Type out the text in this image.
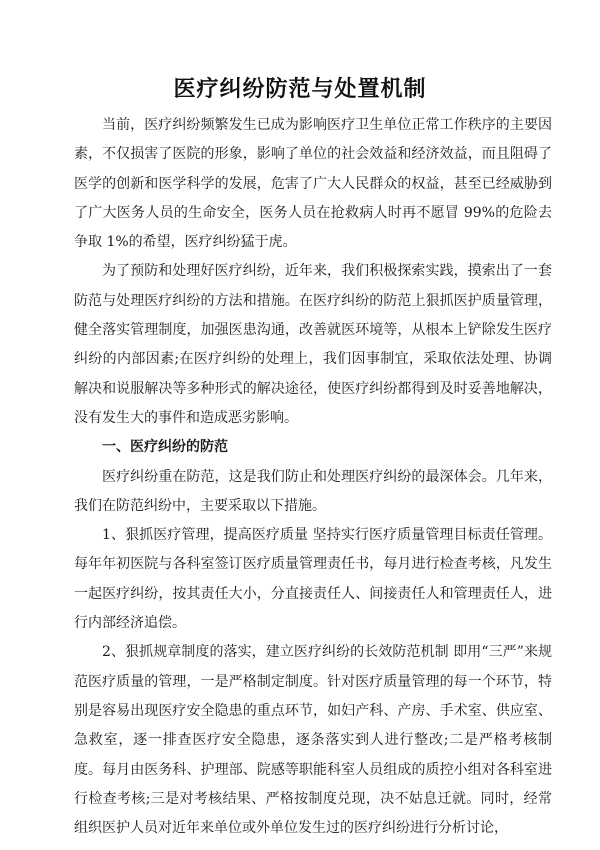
医疗纠纷防范与处置机制

当前，医疗纠纷频繁发生已成为影响医疗卫生单位正常工作秩序的主要因素，不仅损害了医院的形象，影响了单位的社会效益和经济效益，而且阻碍了医学的创新和医学科学的发展，危害了广大人民群众的权益，甚至已经威胁到了广大医务人员的生命安全，医务人员在抢救病人时再不愿冒 99%的危险去争取 1%的希望，医疗纠纷猛于虎。

为了预防和处理好医疗纠纷，近年来，我们积极探索实践，摸索出了一套防范与处理医疗纠纷的方法和措施。在医疗纠纷的防范上狠抓医护质量管理，健全落实管理制度，加强医患沟通，改善就医环境等，从根本上铲除发生医疗纠纷的内部因素;在医疗纠纷的处理上，我们因事制宜，采取依法处理、协调解决和说服解决等多种形式的解决途径，使医疗纠纷都得到及时妥善地解决，没有发生大的事件和造成恶劣影响。

一、医疗纠纷的防范

医疗纠纷重在防范，这是我们防止和处理医疗纠纷的最深体会。几年来，我们在防范纠纷中，主要采取以下措施。

1、狠抓医疗管理，提高医疗质量 坚持实行医疗质量管理目标责任管理。每年年初医院与各科室签订医疗质量管理责任书，每月进行检查考核，凡发生一起医疗纠纷，按其责任大小，分直接责任人、间接责任人和管理责任人，进行内部经济追偿。

2、狠抓规章制度的落实，建立医疗纠纷的长效防范机制 即用“三严”来规范医疗质量的管理，一是严格制定制度。针对医疗质量管理的每一个环节，特别是容易出现医疗安全隐患的重点环节，如妇产科、产房、手术室、供应室、急救室，逐一排查医疗安全隐患，逐条落实到人进行整改;二是严格考核制度。每月由医务科、护理部、院感等职能科室人员组成的质控小组对各科室进行检查考核;三是对考核结果、严格按制度兑现，决不姑息迁就。同时，经常组织医护人员对近年来单位或外单位发生过的医疗纠纷进行分析讨论，
